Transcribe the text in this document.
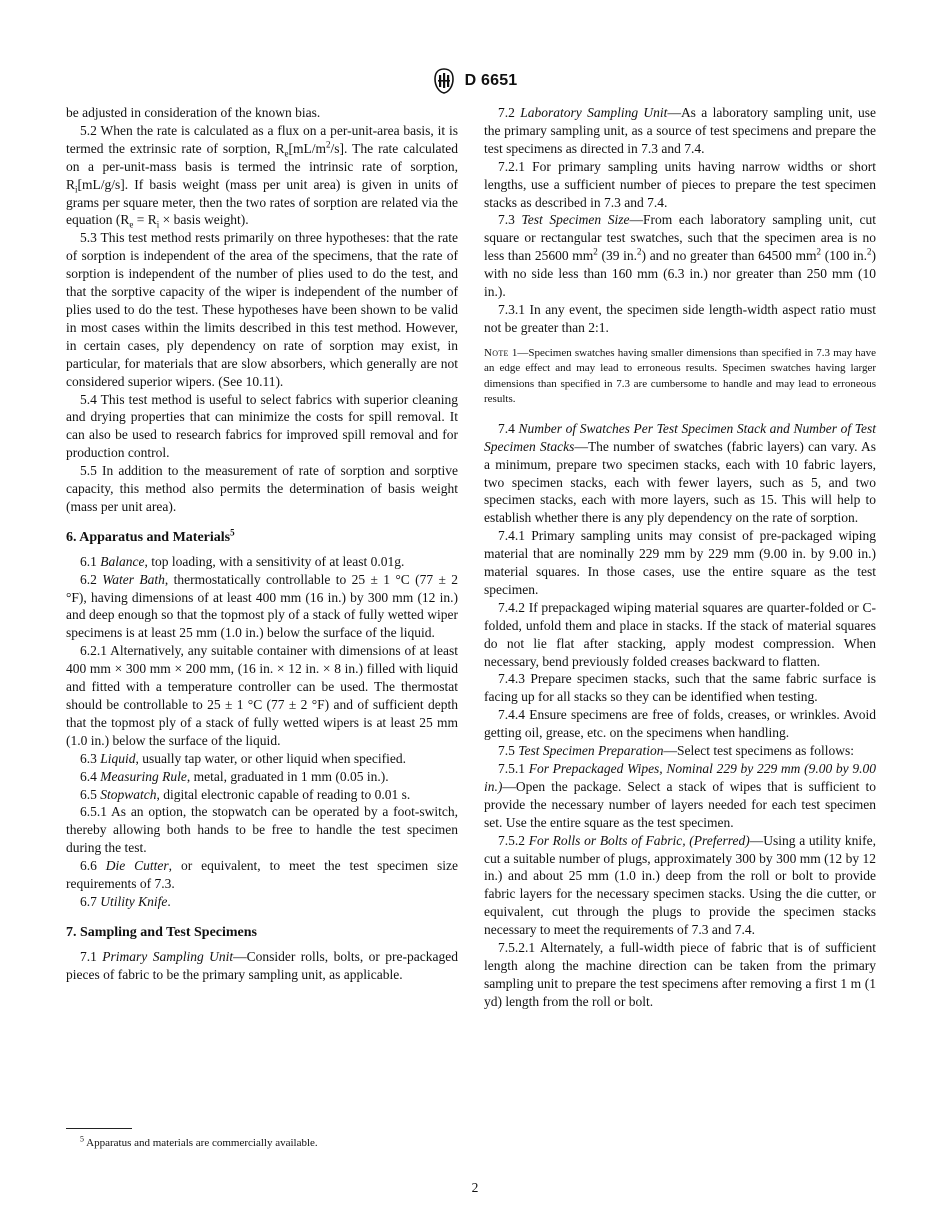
D 6651

be adjusted in consideration of the known bias.

5.2 When the rate is calculated as a flux on a per-unit-area basis, it is termed the extrinsic rate of sorption, $R_e[mL/m^2/s]$. The rate calculated on a per-unit-mass basis is termed the intrinsic rate of sorption, $R_i[mL/g/s]$. If basis weight (mass per unit area) is given in units of grams per square meter, then the two rates of sorption are related via the equation ($R_e = R_i$ × basis weight).

5.3 This test method rests primarily on three hypotheses: that the rate of sorption is independent of the area of the specimens, that the rate of sorption is independent of the number of plies used to do the test, and that the sorptive capacity of the wiper is independent of the number of plies used to do the test. These hypotheses have been shown to be valid in most cases within the limits described in this test method. However, in certain cases, ply dependency on rate of sorption may exist, in particular, for materials that are slow absorbers, which generally are not considered superior wipers. (See 10.11).

5.4 This test method is useful to select fabrics with superior cleaning and drying properties that can minimize the costs for spill removal. It can also be used to research fabrics for improved spill removal and for production control.

5.5 In addition to the measurement of rate of sorption and sorptive capacity, this method also permits the determination of basis weight (mass per unit area).

6. Apparatus and Materials$^5$

6.1 Balance, top loading, with a sensitivity of at least 0.01g.

6.2 Water Bath, thermostatically controllable to 25 ± 1 °C (77 ± 2 °F), having dimensions of at least 400 mm (16 in.) by 300 mm (12 in.) and deep enough so that the topmost ply of a stack of fully wetted wiper specimens is at least 25 mm (1.0 in.) below the surface of the liquid.

6.2.1 Alternatively, any suitable container with dimensions of at least 400 mm × 300 mm × 200 mm, (16 in. × 12 in. × 8 in.) filled with liquid and fitted with a temperature controller can be used. The thermostat should be controllable to 25 ± 1 °C (77 ± 2 °F) and of sufficient depth that the topmost ply of a stack of fully wetted wipers is at least 25 mm (1.0 in.) below the surface of the liquid.

6.3 Liquid, usually tap water, or other liquid when specified.

6.4 Measuring Rule, metal, graduated in 1 mm (0.05 in.).

6.5 Stopwatch, digital electronic capable of reading to 0.01 s.

6.5.1 As an option, the stopwatch can be operated by a foot-switch, thereby allowing both hands to be free to handle the test specimen during the test.

6.6 Die Cutter, or equivalent, to meet the test specimen size requirements of 7.3.

6.7 Utility Knife.

7. Sampling and Test Specimens

7.1 Primary Sampling Unit—Consider rolls, bolts, or pre-packaged pieces of fabric to be the primary sampling unit, as applicable.

7.2 Laboratory Sampling Unit—As a laboratory sampling unit, use the primary sampling unit, as a source of test specimens and prepare the test specimens as directed in 7.3 and 7.4.

7.2.1 For primary sampling units having narrow widths or short lengths, use a sufficient number of pieces to prepare the test specimen stacks as described in 7.3 and 7.4.

7.3 Test Specimen Size—From each laboratory sampling unit, cut square or rectangular test swatches, such that the specimen area is no less than 25600 $mm^2$ (39 in.$^2$) and no greater than 64500 $mm^2$ (100 in.$^2$) with no side less than 160 mm (6.3 in.) nor greater than 250 mm (10 in.).

7.3.1 In any event, the specimen side length-width aspect ratio must not be greater than 2:1.

Note 1—Specimen swatches having smaller dimensions than specified in 7.3 may have an edge effect and may lead to erroneous results. Specimen swatches having larger dimensions than specified in 7.3 are cumbersome to handle and may lead to erroneous results.

7.4 Number of Swatches Per Test Specimen Stack and Number of Test Specimen Stacks—The number of swatches (fabric layers) can vary. As a minimum, prepare two specimen stacks, each with 10 fabric layers, two specimen stacks, each with fewer layers, such as 5, and two specimen stacks, each with more layers, such as 15. This will help to establish whether there is any ply dependency on the rate of sorption.

7.4.1 Primary sampling units may consist of pre-packaged wiping material that are nominally 229 mm by 229 mm (9.00 in. by 9.00 in.) material squares. In those cases, use the entire square as the test specimen.

7.4.2 If prepackaged wiping material squares are quarter-folded or C-folded, unfold them and place in stacks. If the stack of material squares do not lie flat after stacking, apply modest compression. When necessary, bend previously folded creases backward to flatten.

7.4.3 Prepare specimen stacks, such that the same fabric surface is facing up for all stacks so they can be identified when testing.

7.4.4 Ensure specimens are free of folds, creases, or wrinkles. Avoid getting oil, grease, etc. on the specimens when handling.

7.5 Test Specimen Preparation—Select test specimens as follows:

7.5.1 For Prepackaged Wipes, Nominal 229 by 229 mm (9.00 by 9.00 in.)—Open the package. Select a stack of wipes that is sufficient to provide the necessary number of layers needed for each test specimen set. Use the entire square as the test specimen.

7.5.2 For Rolls or Bolts of Fabric, (Preferred)—Using a utility knife, cut a suitable number of plugs, approximately 300 by 300 mm (12 by 12 in.) and about 25 mm (1.0 in.) deep from the roll or bolt to provide fabric layers for the necessary specimen stacks. Using the die cutter, or equivalent, cut through the plugs to provide the specimen stacks necessary to meet the requirements of 7.3 and 7.4.

7.5.2.1 Alternately, a full-width piece of fabric that is of sufficient length along the machine direction can be taken from the primary sampling unit to prepare the test specimens after removing a first 1 m (1 yd) length from the roll or bolt.

$^5$ Apparatus and materials are commercially available.
2
